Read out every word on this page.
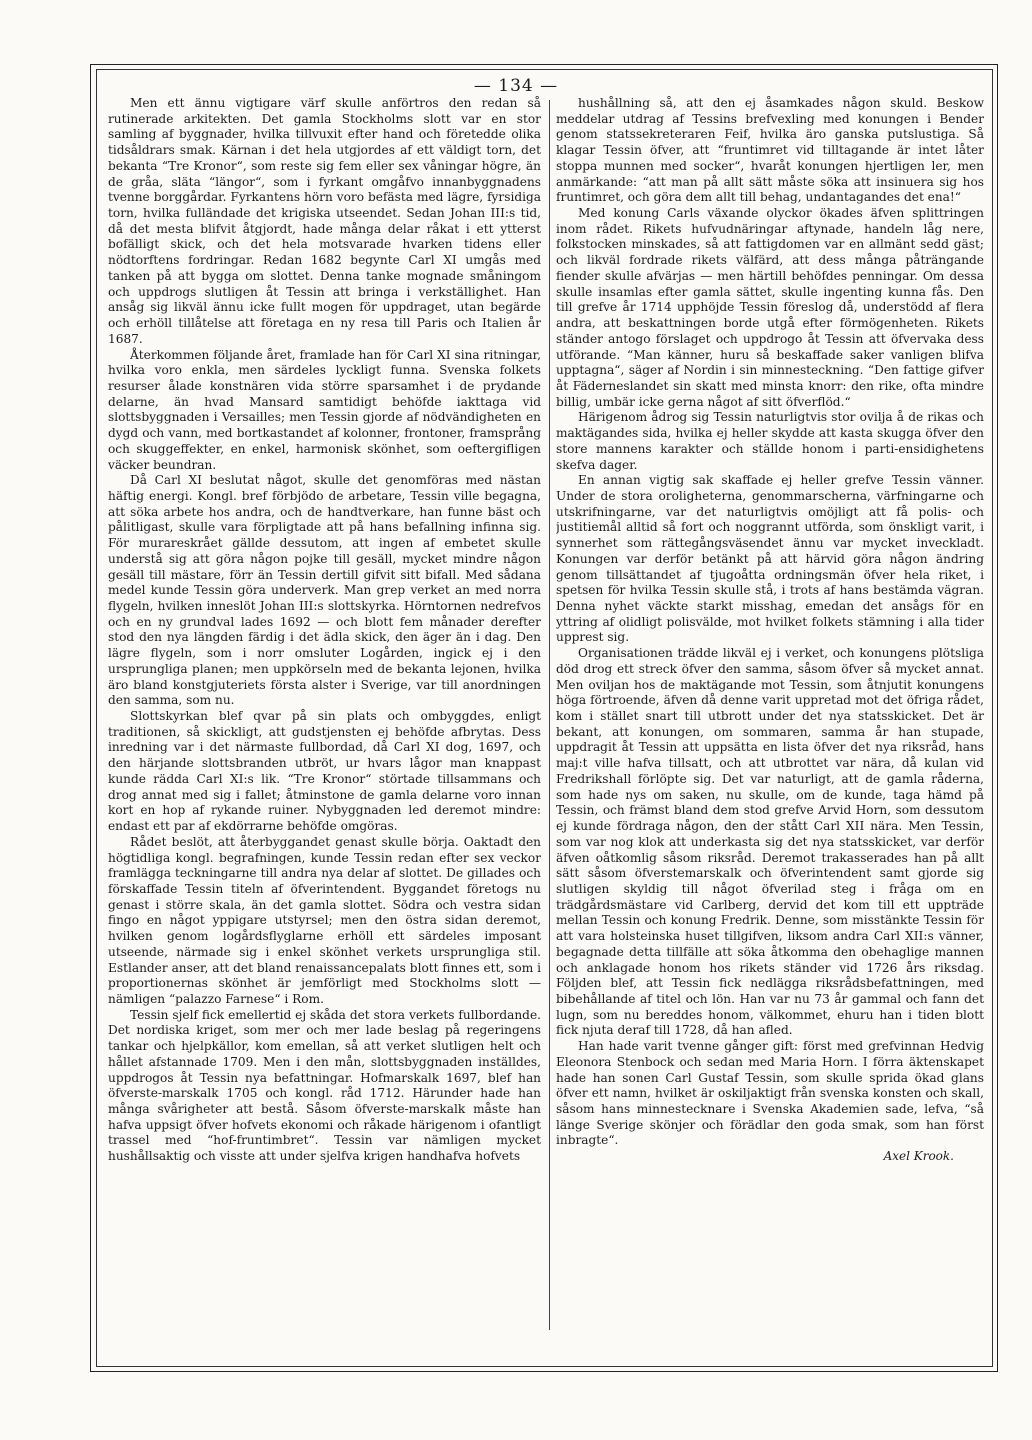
— 134 —

Men ett ännu vigtigare värf skulle anförtros den redan så rutinerade arkitekten. Det gamla Stockholms slott var en stor samling af byggnader, hvilka tillvuxit efter hand och företedde olika tidsåldrars smak. Kärnan i det hela utgjordes af ett väldigt torn, det bekanta “Tre Kronor“, som reste sig fem eller sex våningar högre, än de gråa, släta “längor“, som i fyrkant omgåfvo innanbyggnadens tvenne borggårdar. Fyrkantens hörn voro befästa med lägre, fyrsidiga torn, hvilka fulländade det krigiska utseendet. Sedan Johan III:s tid, då det mesta blifvit åtgjordt, hade många delar råkat i ett ytterst bofälligt skick, och det hela motsvarade hvarken tidens eller nödtorftens fordringar. Redan 1682 begynte Carl XI umgås med tanken på att bygga om slottet. Denna tanke mognade småningom och uppdrogs slutligen åt Tessin att bringa i verkställighet. Han ansåg sig likväl ännu icke fullt mogen för uppdraget, utan begärde och erhöll tillåtelse att företaga en ny resa till Paris och Italien år 1687.

Återkommen följande året, framlade han för Carl XI sina ritningar, hvilka voro enkla, men särdeles lyckligt funna. Svenska folkets resurser ålade konstnären vida större sparsamhet i de prydande delarne, än hvad Mansard samtidigt behöfde iakttaga vid slottsbyggnaden i Versailles; men Tessin gjorde af nödvändigheten en dygd och vann, med bortkastandet af kolonner, frontoner, framsprång och skuggeffekter, en enkel, harmonisk skönhet, som oeftergifligen väcker beundran.

Då Carl XI beslutat något, skulle det genomföras med nästan häftig energi. Kongl. bref förbjödo de arbetare, Tessin ville begagna, att söka arbete hos andra, och de handtverkare, han funne bäst och pålitligast, skulle vara förpligtade att på hans befallning infinna sig. För murareskrået gällde dessutom, att ingen af embetet skulle understå sig att göra någon pojke till gesäll, mycket mindre någon gesäll till mästare, förr än Tessin dertill gifvit sitt bifall. Med sådana medel kunde Tessin göra underverk. Man grep verket an med norra flygeln, hvilken inneslöt Johan III:s slottskyrka. Hörntornen nedrefvos och en ny grundval lades 1692 — och blott fem månader derefter stod den nya längden färdig i det ädla skick, den äger än i dag. Den lägre flygeln, som i norr omsluter Logården, ingick ej i den ursprungliga planen; men uppkörseln med de bekanta lejonen, hvilka äro bland konstgjuteriets första alster i Sverige, var till anordningen den samma, som nu.

Slottskyrkan blef qvar på sin plats och ombyggdes, enligt traditionen, så skickligt, att gudstjensten ej behöfde afbrytas. Dess inredning var i det närmaste fullbordad, då Carl XI dog, 1697, och den härjande slottsbranden utbröt, ur hvars lågor man knappast kunde rädda Carl XI:s lik. “Tre Kronor“ störtade tillsammans och drog annat med sig i fallet; åtminstone de gamla delarne voro innan kort en hop af rykande ruiner. Nybyggnaden led deremot mindre: endast ett par af ekdörrarne behöfde omgöras.

Rådet beslöt, att återbyggandet genast skulle börja. Oaktadt den högtidliga kongl. begrafningen, kunde Tessin redan efter sex veckor framlägga teckningarne till andra nya delar af slottet. De gillades och förskaffade Tessin titeln af öfverintendent. Byggandet företogs nu genast i större skala, än det gamla slottet. Södra och vestra sidan fingo en något yppigare utstyrsel; men den östra sidan deremot, hvilken genom logårdsflyglarne erhöll ett särdeles imposant utseende, närmade sig i enkel skönhet verkets ursprungliga stil. Estlander anser, att det bland renaissancepalats blott finnes ett, som i proportionernas skönhet är jemförligt med Stockholms slott — nämligen “palazzo Farnese“ i Rom.

Tessin sjelf fick emellertid ej skåda det stora verkets fullbordande. Det nordiska kriget, som mer och mer lade beslag på regeringens tankar och hjelpkällor, kom emellan, så att verket slutligen helt och hållet afstannade 1709. Men i den mån, slottsbyggnaden inställdes, uppdrogos åt Tessin nya befattningar. Hofmarskalk 1697, blef han öfverste-marskalk 1705 och kongl. råd 1712. Härunder hade han många svårigheter att bestå. Såsom öfverste-marskalk måste han hafva uppsigt öfver hofvets ekonomi och råkade härigenom i ofantligt trassel med “hof-fruntimbret“. Tessin var nämligen mycket hushållsaktig och visste att under sjelfva krigen handhafva hofvets

hushållning så, att den ej åsamkades någon skuld. Beskow meddelar utdrag af Tessins brefvexling med konungen i Bender genom statssekreteraren Feif, hvilka äro ganska putslustiga. Så klagar Tessin öfver, att “fruntimret vid tilltagande är intet låter stoppa munnen med socker“, hvaråt konungen hjertligen ler, men anmärkande: “att man på allt sätt måste söka att insinuera sig hos fruntimret, och göra dem allt till behag, undantagandes det ena!“

Med konung Carls växande olyckor ökades äfven splittringen inom rådet. Rikets hufvudnäringar aftynade, handeln låg nere, folkstocken minskades, så att fattigdomen var en allmänt sedd gäst; och likväl fordrade rikets välfärd, att dess många påträngande fiender skulle afvärjas — men härtill behöfdes penningar. Om dessa skulle insamlas efter gamla sättet, skulle ingenting kunna fås. Den till grefve år 1714 upphöjde Tessin föreslog då, understödd af flera andra, att beskattningen borde utgå efter förmögenheten. Rikets ständer antogo förslaget och uppdrogo åt Tessin att öfvervaka dess utförande. “Man känner, huru så beskaffade saker vanligen blifva upptagna“, säger af Nordin i sin minnesteckning. “Den fattige gifver åt Fäderneslandet sin skatt med minsta knorr: den rike, ofta mindre billig, umbär icke gerna något af sitt öfverflöd.“

Härigenom ådrog sig Tessin naturligtvis stor ovilja å de rikas och maktägandes sida, hvilka ej heller skydde att kasta skugga öfver den store mannens karakter och ställde honom i parti-ensidighetens skefva dager.

En annan vigtig sak skaffade ej heller grefve Tessin vänner. Under de stora oroligheterna, genommarscherna, värfningarne och utskrifningarne, var det naturligtvis omöjligt att få polis- och justitiemål alltid så fort och noggrannt utförda, som önskligt varit, i synnerhet som rättegångsväsendet ännu var mycket inveckladt. Konungen var derför betänkt på att härvid göra någon ändring genom tillsättandet af tjugoåtta ordningsmän öfver hela riket, i spetsen för hvilka Tessin skulle stå, i trots af hans bestämda vägran. Denna nyhet väckte starkt misshag, emedan det ansågs för en yttring af olidligt polisvälde, mot hvilket folkets stämning i alla tider upprest sig.

Organisationen trädde likväl ej i verket, och konungens plötsliga död drog ett streck öfver den samma, såsom öfver så mycket annat. Men oviljan hos de maktägande mot Tessin, som åtnjutit konungens höga förtroende, äfven då denne varit uppretad mot det öfriga rådet, kom i stället snart till utbrott under det nya statsskicket. Det är bekant, att konungen, om sommaren, samma år han stupade, uppdragit åt Tessin att uppsätta en lista öfver det nya riksråd, hans maj:t ville hafva tillsatt, och att utbrottet var nära, då kulan vid Fredrikshall förlöpte sig. Det var naturligt, att de gamla råderna, som hade nys om saken, nu skulle, om de kunde, taga hämd på Tessin, och främst bland dem stod grefve Arvid Horn, som dessutom ej kunde fördraga någon, den der stått Carl XII nära. Men Tessin, som var nog klok att underkasta sig det nya statsskicket, var derför äfven oåtkomlig såsom riksråd. Deremot trakasserades han på allt sätt såsom öfverstemarskalk och öfverintendent samt gjorde sig slutligen skyldig till något öfverilad steg i fråga om en trädgårdsmästare vid Carlberg, dervid det kom till ett uppträde mellan Tessin och konung Fredrik. Denne, som misstänkte Tessin för att vara holsteinska huset tillgifven, liksom andra Carl XII:s vänner, begagnade detta tillfälle att söka åtkomma den obehaglige mannen och anklagade honom hos rikets ständer vid 1726 års riksdag. Följden blef, att Tessin fick nedlägga riksrådsbefattningen, med bibehållande af titel och lön. Han var nu 73 år gammal och fann det lugn, som nu bereddes honom, välkommet, ehuru han i tiden blott fick njuta deraf till 1728, då han afled.

Han hade varit tvenne gånger gift: först med grefvinnan Hedvig Eleonora Stenbock och sedan med Maria Horn. I förra äktenskapet hade han sonen Carl Gustaf Tessin, som skulle sprida ökad glans öfver ett namn, hvilket är oskiljaktigt från svenska konsten och skall, såsom hans minnestecknare i Svenska Akademien sade, lefva, “så länge Sverige skönjer och förädlar den goda smak, som han först inbragte“.

Axel Krook.
